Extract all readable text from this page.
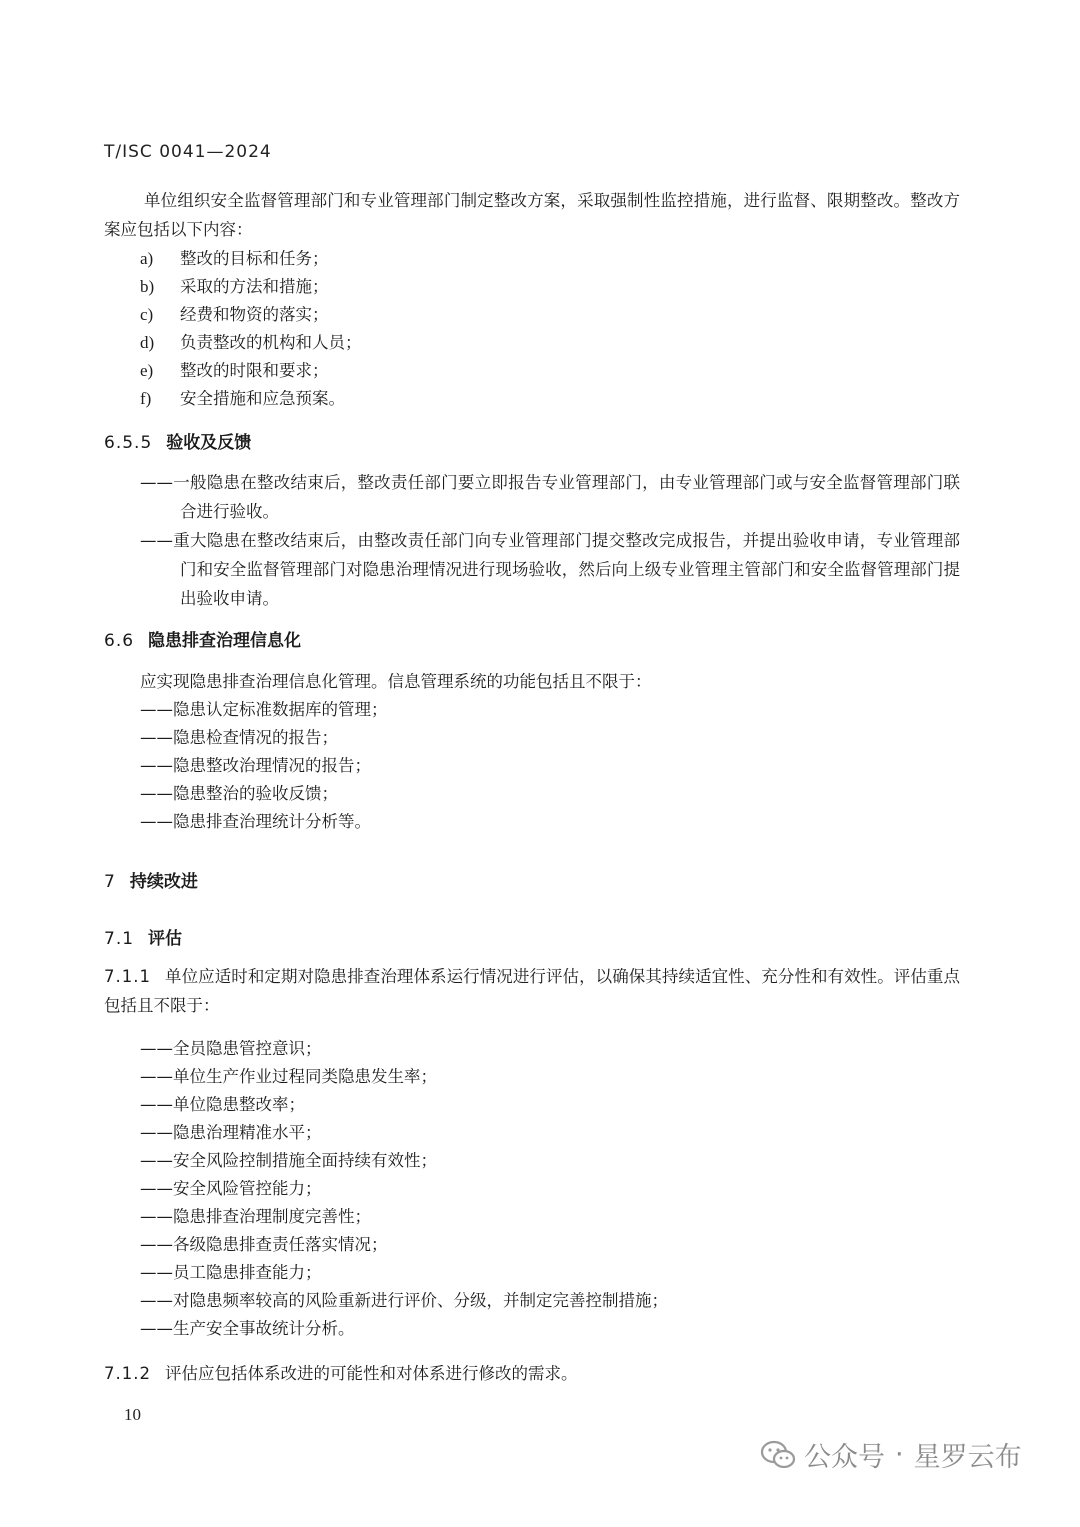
T/ISC 0041—2024

单位组织安全监督管理部门和专业管理部门制定整改方案，采取强制性监控措施，进行监督、限期整改。整改方案应包括以下内容：

a) 整改的目标和任务；

b) 采取的方法和措施；

c) 经费和物资的落实；

d) 负责整改的机构和人员；

e) 整改的时限和要求；

f) 安全措施和应急预案。

6.5.5 验收及反馈

——一般隐患在整改结束后，整改责任部门要立即报告专业管理部门，由专业管理部门或与安全监督管理部门联合进行验收。

——重大隐患在整改结束后，由整改责任部门向专业管理部门提交整改完成报告，并提出验收申请，专业管理部门和安全监督管理部门对隐患治理情况进行现场验收，然后向上级专业管理主管部门和安全监督管理部门提出验收申请。

6.6 隐患排查治理信息化

应实现隐患排查治理信息化管理。信息管理系统的功能包括且不限于：

——隐患认定标准数据库的管理；

——隐患检查情况的报告；

——隐患整改治理情况的报告；

——隐患整治的验收反馈；

——隐患排查治理统计分析等。

7 持续改进

7.1 评估

7.1.1 单位应适时和定期对隐患排查治理体系运行情况进行评估，以确保其持续适宜性、充分性和有效性。评估重点包括且不限于：

——全员隐患管控意识；

——单位生产作业过程同类隐患发生率；

——单位隐患整改率；

——隐患治理精准水平；

——安全风险控制措施全面持续有效性；

——安全风险管控能力；

——隐患排查治理制度完善性；

——各级隐患排查责任落实情况；

——员工隐患排查能力；

——对隐患频率较高的风险重新进行评价、分级，并制定完善控制措施；

——生产安全事故统计分析。

7.1.2 评估应包括体系改进的可能性和对体系进行修改的需求。

10
公众号 · 星罗云布
